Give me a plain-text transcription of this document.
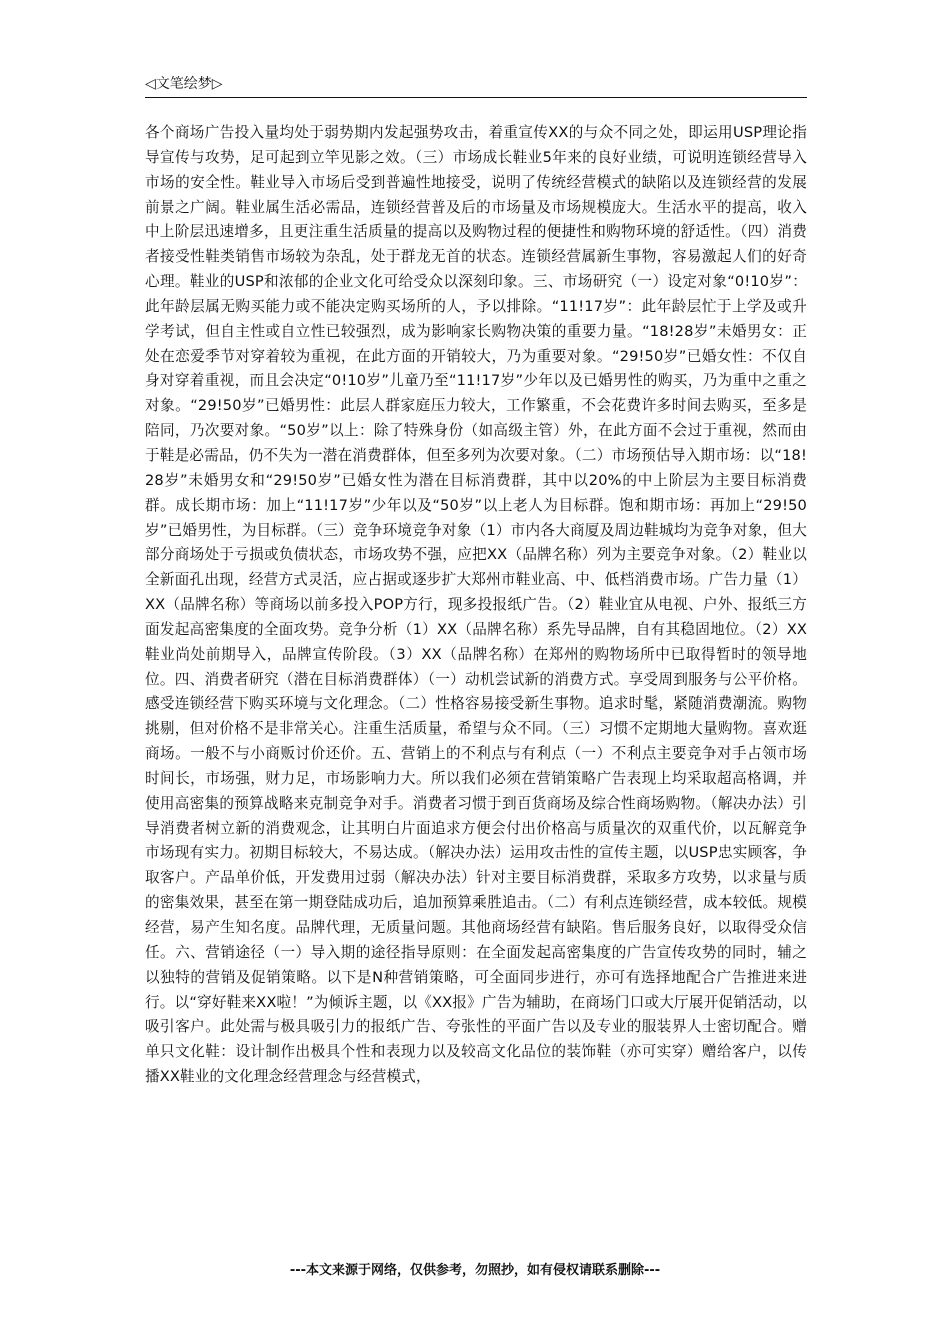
◁文笔绘梦▷
各个商场广告投入量均处于弱势期内发起强势攻击，着重宣传XX的与众不同之处，即运用USP理论指导宣传与攻势，足可起到立竿见影之效。（三）市场成长鞋业5年来的良好业绩，可说明连锁经营导入市场的安全性。鞋业导入市场后受到普遍性地接受，说明了传统经营模式的缺陷以及连锁经营的发展前景之广阔。鞋业属生活必需品，连锁经营普及后的市场量及市场规模庞大。生活水平的提高，收入中上阶层迅速增多，且更注重生活质量的提高以及购物过程的便捷性和购物环境的舒适性。（四）消费者接受性鞋类销售市场较为杂乱，处于群龙无首的状态。连锁经营属新生事物，容易激起人们的好奇心理。鞋业的USP和浓郁的企业文化可给受众以深刻印象。三、市场研究（一）设定对象“0!10岁”：此年龄层属无购买能力或不能决定购买场所的人，予以排除。“11!17岁”：此年龄层忙于上学及或升学考试，但自主性或自立性已较强烈，成为影响家长购物决策的重要力量。“18!28岁”未婚男女：正处在恋爱季节对穿着较为重视，在此方面的开销较大，乃为重要对象。“29!50岁”已婚女性：不仅自身对穿着重视，而且会决定“0!10岁”儿童乃至“11!17岁”少年以及已婚男性的购买，乃为重中之重之对象。“29!50岁”已婚男性：此层人群家庭压力较大，工作繁重，不会花费许多时间去购买，至多是陪同，乃次要对象。“50岁”以上：除了特殊身份（如高级主管）外，在此方面不会过于重视，然而由于鞋是必需品，仍不失为一潜在消费群体，但至多列为次要对象。（二）市场预估导入期市场：以“18!28岁”未婚男女和“29!50岁”已婚女性为潜在目标消费群，其中以20%的中上阶层为主要目标消费群。成长期市场：加上“11!17岁”少年以及“50岁”以上老人为目标群。饱和期市场：再加上“29!50岁”已婚男性，为目标群。（三）竞争环境竞争对象（1）市内各大商厦及周边鞋城均为竞争对象，但大部分商场处于亏损或负债状态，市场攻势不强，应把XX（品牌名称）列为主要竞争对象。（2）鞋业以全新面孔出现，经营方式灵活，应占据或逐步扩大郑州市鞋业高、中、低档消费市场。广告力量（1）XX（品牌名称）等商场以前多投入POP方行，现多投报纸广告。（2）鞋业宜从电视、户外、报纸三方面发起高密集度的全面攻势。竞争分析（1）XX（品牌名称）系先导品牌，自有其稳固地位。（2）XX鞋业尚处前期导入，品牌宣传阶段。（3）XX（品牌名称）在郑州的购物场所中已取得暂时的领导地位。四、消费者研究（潜在目标消费群体）（一）动机尝试新的消费方式。享受周到服务与公平价格。感受连锁经营下购买环境与文化理念。（二）性格容易接受新生事物。追求时髦，紧随消费潮流。购物挑剔，但对价格不是非常关心。注重生活质量，希望与众不同。（三）习惯不定期地大量购物。喜欢逛商场。一般不与小商贩讨价还价。五、营销上的不利点与有利点（一）不利点主要竞争对手占领市场时间长，市场强，财力足，市场影响力大。所以我们必须在营销策略广告表现上均采取超高格调，并使用高密集的预算战略来克制竞争对手。消费者习惯于到百货商场及综合性商场购物。（解决办法）引导消费者树立新的消费观念，让其明白片面追求方便会付出价格高与质量次的双重代价，以瓦解竞争市场现有实力。初期目标较大，不易达成。（解决办法）运用攻击性的宣传主题，以USP忠实顾客，争取客户。产品单价低，开发费用过弱（解决办法）针对主要目标消费群，采取多方攻势，以求量与质的密集效果，甚至在第一期登陆成功后，追加预算乘胜追击。（二）有利点连锁经营，成本较低。规模经营，易产生知名度。品牌代理，无质量问题。其他商场经营有缺陷。售后服务良好，以取得受众信任。六、营销途径（一）导入期的途径指导原则：在全面发起高密集度的广告宣传攻势的同时，辅之以独特的营销及促销策略。以下是N种营销策略，可全面同步进行，亦可有选择地配合广告推进来进行。以“穿好鞋来XX啦！”为倾诉主题，以《XX报》广告为辅助，在商场门口或大厅展开促销活动，以吸引客户。此处需与极具吸引力的报纸广告、夸张性的平面广告以及专业的服装界人士密切配合。赠单只文化鞋：设计制作出极具个性和表现力以及较高文化品位的装饰鞋（亦可实穿）赠给客户，以传播XX鞋业的文化理念经营理念与经营模式，
---本文来源于网络，仅供参考，勿照抄，如有侵权请联系删除---
